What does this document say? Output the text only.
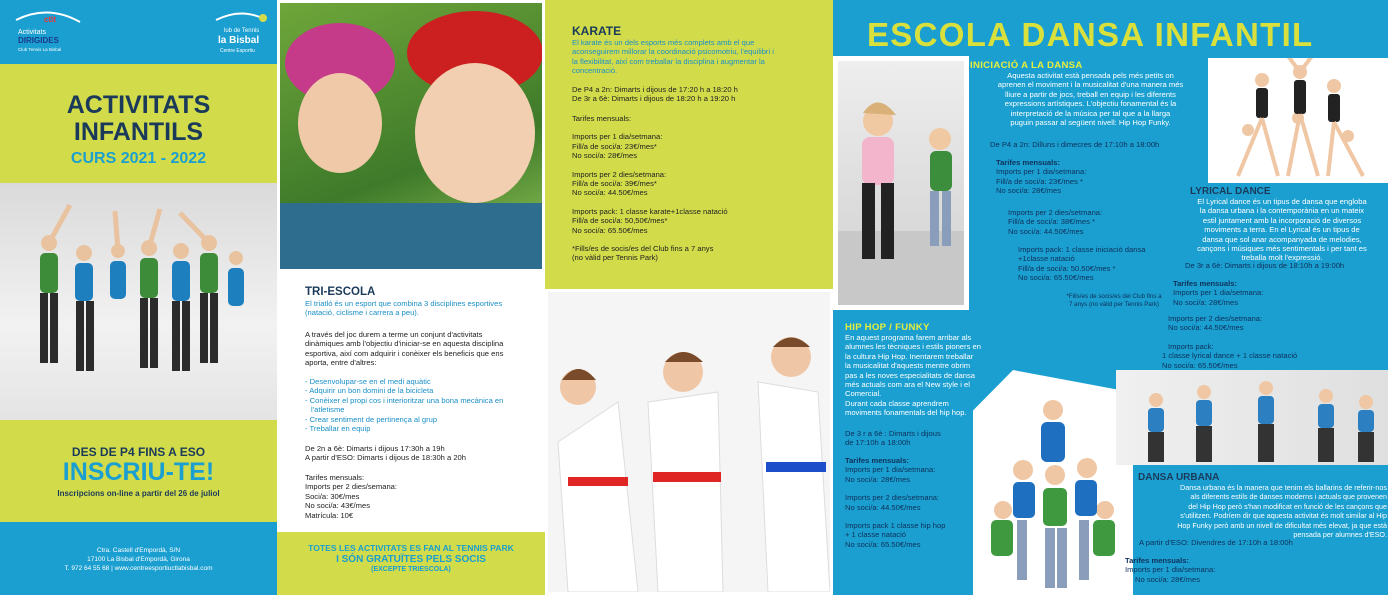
ctit
Activitats
DIRIGIDES
Club Tennis La Bisbal
lub de Tennis
la Bisbal
Centre Esportiu
ACTIVITATS
INFANTILS
CURS 2021 - 2022
DES DE P4 FINS A ESO
INSCRIU-TE!
Inscripcions on-line a partir del 26 de juliol
Ctra. Castell d'Empordà, S/N
17100 La Bisbal d'Empordà, Girona
T. 972 64 55 68 | www.centreesportiuctlabisbal.com
TRI-ESCOLA
El triatló és un esport que combina 3 disciplines esportives
(natació, ciclisme i carrera a peu).
A través del joc durem a terme un conjunt d'activitats
dinàmiques amb l'objectiu d'iniciar-se en aquesta disciplina
esportiva, així com adquirir i conèixer els beneficis que ens
aporta, entre d'altres:
- Desenvolupar-se en el medi aquàtic
- Adquirir un bon domini de la bicicleta
- Conèixer el propi cos i interioritzar una bona mecànica en
l'atletisme
- Crear sentiment de pertinença al grup
- Treballar en equip
De 2n a 6è: Dimarts i dijous 17:30h a 19h
A partir d'ESO: Dimarts i dijous de 18:30h a 20h
Tarifes mensuals:
Imports per 2 dies/semana:
Soci/a: 30€/mes
No soci/a: 43€/mes
Matrícula: 10€
TOTES LES ACTIVITATS ES FAN AL TENNIS PARK
I SÓN GRATUÏTES PELS SOCIS
(EXCEPTE TRIESCOLA)
KARATE
El karate és un dels esports més complets amb el que
aconseguirem millorar la coordinació psicomotriu, l'equilibri i
la flexibilitat, així com treballar la disciplina i augmentar la
concentració.
De P4 a 2n: Dimarts i dijous de 17:20 h a 18:20 h
De 3r a 6è: Dimarts i dijous de 18:20 h a 19:20 h
Tarifes mensuals:
Imports per 1 dia/setmana:
Fill/a de soci/a: 23€/mes*
No soci/a: 28€/mes
Imports per 2 dies/setmana:
Fill/a de soci/a: 39€/mes*
No soci/a: 44.50€/mes
Imports pack: 1 classe karate+1classe natació
Fill/a de soci/a: 50,50€/mes*
No soci/a: 65.50€/mes
*Fills/es de socis/es del Club fins a 7 anys
(no vàlid per Tennis Park)
ESCOLA DANSA INFANTIL
INICIACIÓ A LA DANSA
Aquesta activitat està pensada pels més petits on
aprenen el moviment i la musicalitat d'una manera més
lliure a partir de jocs, treball en equip i les diferents
expressions artístiques. L'objectiu fonamental és la
interpretació de la música per tal que a la llarga
puguin passar al següent nivell: Hip Hop Funky.
De P4 a 2n: Dilluns i dimecres de 17:10h a 18:00h
Tarifes mensuals:
Imports per 1 dia/setmana:
Fill/a de soci/a: 23€/mes *
No soci/a: 28€/mes
Imports per 2 dies/setmana:
Fill/a de soci/a: 38€/mes *
No soci/a: 44.50€/mes
Imports pack: 1 classe iniciació dansa
+1classe natació
Fill/a de soci/a: 50.50€/mes *
No soci/a: 65.50€/mes
*Fills/es de socis/es del Club fins a
7 anys (no vàlid per Tennis Park)
LYRICAL DANCE
El Lyrical dance és un tipus de dansa que engloba
la dansa urbana i la contemporània en un mateix
estil juntament amb la incorporació de diversos
moviments a terra. En el Lyrical és un tipus de
dansa que sol anar acompanyada de melodies,
cançons i músiques més sentimentals i per tant es
treballa molt l'expressió.
De 3r a 6è: Dimarts i dijous de 18:10h a 19:00h
Tarifes mensuals:
Imports per 1 dia/setmana:
No soci/a: 28€/mes
Imports per 2 dies/setmana:
No soci/a: 44.50€/mes
Imports pack:
1 classe lyrical dance + 1 classe natació
No soci/a: 65.50€/mes
HIP HOP / FUNKY
En aquest programa farem arribar als
alumnes les tècniques i estils pioners en
la cultura Hip Hop. Inentarem treballar
la musicalitat d'aquests mentre obrim
pas a les noves especialitats de dansa
més actuals com ara el New style i el
Comercial.
Durant cada classe aprendrem
moviments fonamentals del hip hop.
De 3 r a 6è : Dimarts i dijous
de 17:10h a 18:00h
Tarifes mensuals:
Imports per 1 dia/setmana:
No soci/a: 28€/mes
Imports per 2 dies/setmana:
No soci/a: 44.50€/mes
Imports pack 1 classe hip hop
+ 1 classe natació
No soci/a: 65.50€/mes
DANSA URBANA
Dansa urbana és la manera que tenim els ballarins de referir-nos
als diferents estils de danses moderns i actuals que provenen
del Hip Hop però s'han modificat en funció de les cançons que
s'utilitzen. Podríem dir que aquesta activitat és molt similar al Hip
Hop Funky però amb un nivell de dificultat més elevat, ja que està
pensada per alumnes d'ESO.
A partir d'ESO: Divendres de 17:10h a 18:00h
Tarifes mensuals:
Imports per 1 dia/setmana:
No soci/a: 28€/mes
